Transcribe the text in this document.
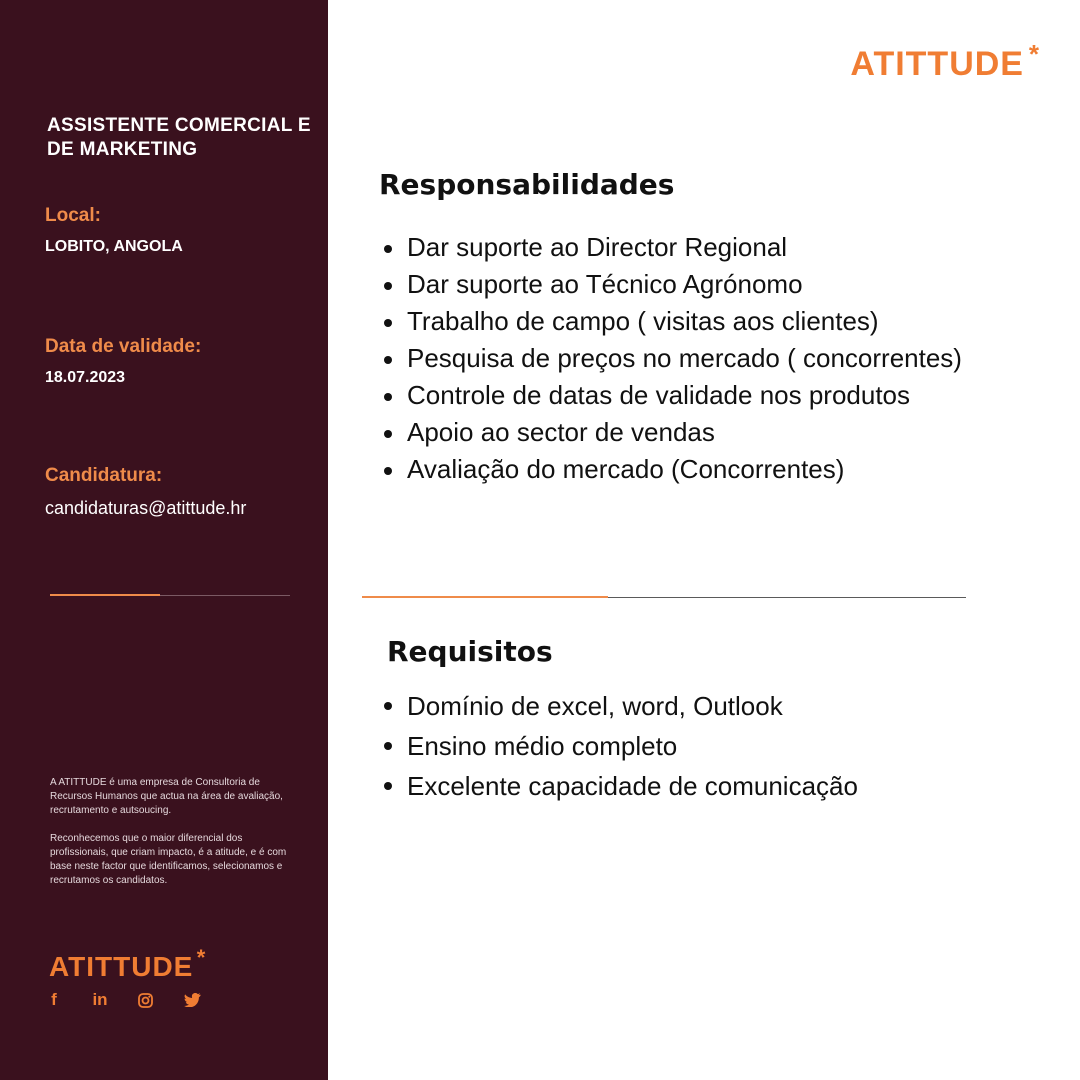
ASSISTENTE COMERCIAL E DE MARKETING

Local:

LOBITO, ANGOLA

Data de validade:

18.07.2023

Candidatura:

candidaturas@atittude.hr

A ATITTUDE é uma empresa de Consultoria de Recursos Humanos que actua na área de avaliação, recrutamento e autsoucing.

Reconhecemos que o maior diferencial dos profissionais, que criam impacto, é a atitude, e é com base neste factor que identificamos, selecionamos e recrutamos os candidatos.

ATITTUDE *
f in
ATITTUDE *
Responsabilidades
Dar suporte ao Director Regional
Dar suporte ao Técnico Agrónomo
Trabalho de campo ( visitas aos clientes)
Pesquisa de preços no mercado ( concorrentes)
Controle de datas de validade nos produtos
Apoio ao sector de vendas
Avaliação do mercado (Concorrentes)
Requisitos
Domínio de excel, word, Outlook
Ensino médio completo
Excelente capacidade de comunicação
